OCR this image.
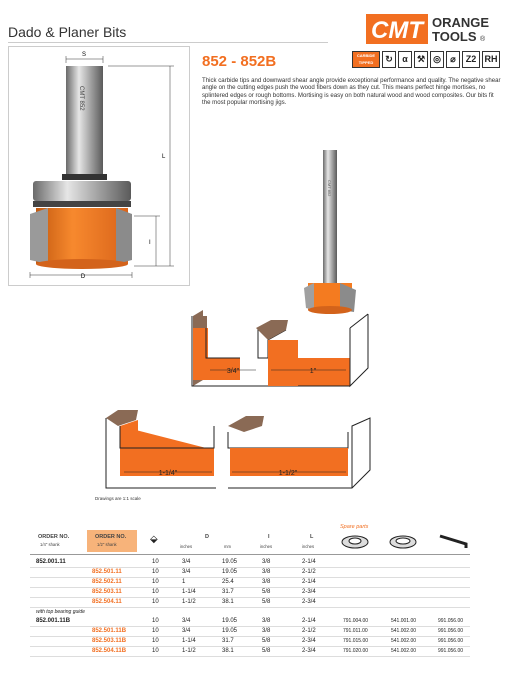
Dado & Planer Bits	CMT ORANGE
TOOLS ®
S
CMT 852
L
I
D
852 - 852B	CARBIDE TIPPED	↻	α	⚒ ◎	⌀	Z2 RH
Thick carbide tips and downward shear angle provide exceptional performance and quality. The negative shear angle on the cutting edges push the wood fibers down as they cut. This means perfect hinge mortises, no splintered edges or rough bottoms. Mortising is easy on both natural wood and wood composites. Our bits fit the most popular mortising jigs.
CMT 852
3/4"	1"
1-1/4"	1-1/2"
Drawings are 1:1 scale
ORDER NO.
1/4" shank
ORDER NO.
1/2" shank	⬙	D
inches	mm
I
inches
L
inches
Spare parts
852.001.11	10	3/4	19.05	3/8	2-1/4
852.501.11	10	3/4	19.05	3/8	2-1/2
852.502.11	10	1	25.4	3/8	2-1/4
852.503.11	10	1-1/4	31.7	5/8	2-3/4
852.504.11	10	1-1/2	38.1	5/8	2-3/4
with top bearing guide
852.001.11B	10	3/4	19.05	3/8	2-1/4	791.004.00	541.001.00	991.056.00
852.501.11B	10	3/4	19.05	3/8	2-1/2	791.011.00	541.002.00	991.056.00
852.503.11B	10	1-1/4	31.7	5/8	2-3/4	791.015.00	541.002.00	991.056.00
852.504.11B	10	1-1/2	38.1	5/8	2-3/4	791.020.00	541.002.00	991.056.00
